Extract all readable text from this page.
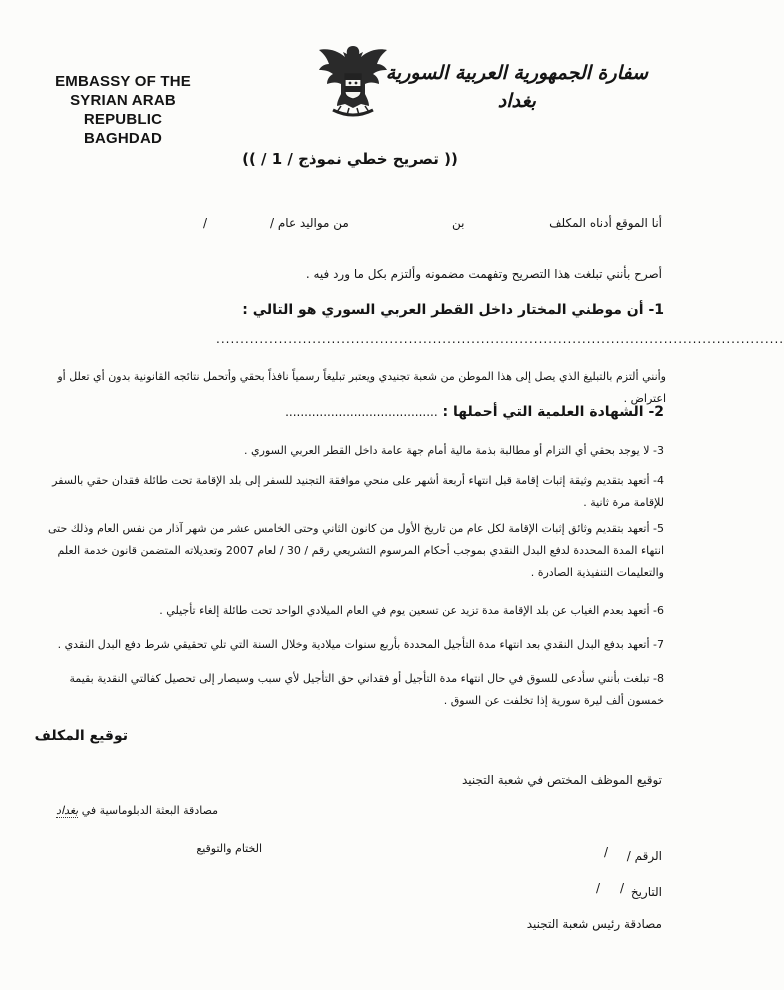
EMBASSY OF THE
SYRIAN ARAB REPUBLIC
BAGHDAD
سفارة الجمهورية العربية السورية
بغداد
(( تصريح خطي نموذج / 1 / ))
أنا الموقع أدناه المكلف
بن
من مواليد عام /
/
أصرح بأنني تبلغت هذا التصريح وتفهمت مضمونه وألتزم بكل ما ورد فيه .
1- أن موطني المختار داخل القطر العربي السوري هو التالي :
......................................................................................................................
وأنني ألتزم بالتبليغ الذي يصل إلى هذا الموطن من شعبة تجنيدي ويعتبر تبليغاً رسمياً نافذاً بحقي وأتحمل نتائجه القانونية بدون أي تعلل أو اعتراض .
2- الشهادة العلمية التي أحملها : ........................................
3- لا يوجد بحقي أي التزام أو مطالبة بذمة مالية أمام جهة عامة داخل القطر العربي السوري .
4- أتعهد بتقديم وثيقة إثبات إقامة قبل انتهاء أربعة أشهر على منحي موافقة التجنيد للسفر إلى بلد الإقامة تحت طائلة فقدان حقي بالسفر للإقامة مرة ثانية .
5- أتعهد بتقديم وثائق إثبات الإقامة لكل عام من تاريخ الأول من كانون الثاني وحتى الخامس عشر من شهر آذار من نفس العام وذلك حتى انتهاء المدة المحددة لدفع البدل النقدي بموجب أحكام المرسوم التشريعي رقم / 30 / لعام 2007 وتعديلاته المتضمن قانون خدمة العلم والتعليمات التنفيذية الصادرة .
6- أتعهد بعدم الغياب عن بلد الإقامة مدة تزيد عن تسعين يوم في العام الميلادي الواحد تحت طائلة إلغاء تأجيلي .
7- أتعهد بدفع البدل النقدي بعد انتهاء مدة التأجيل المحددة بأربع سنوات ميلادية وخلال السنة التي تلي تحقيقي شرط دفع البدل النقدي .
8- تبلغت بأنني سأدعى للسوق في حال انتهاء مدة التأجيل أو فقداني حق التأجيل لأي سبب وسيصار إلى تحصيل كفالتي النقدية بقيمة خمسون ألف ليرة سورية إذا تخلفت عن السوق .
توقيع المكلف
توقيع الموظف المختص في شعبة التجنيد
مصادقة البعثة الدبلوماسية في بغداد
الختام والتوقيع
الرقم /
/
التاريخ
/
/
مصادقة رئيس شعبة التجنيد
